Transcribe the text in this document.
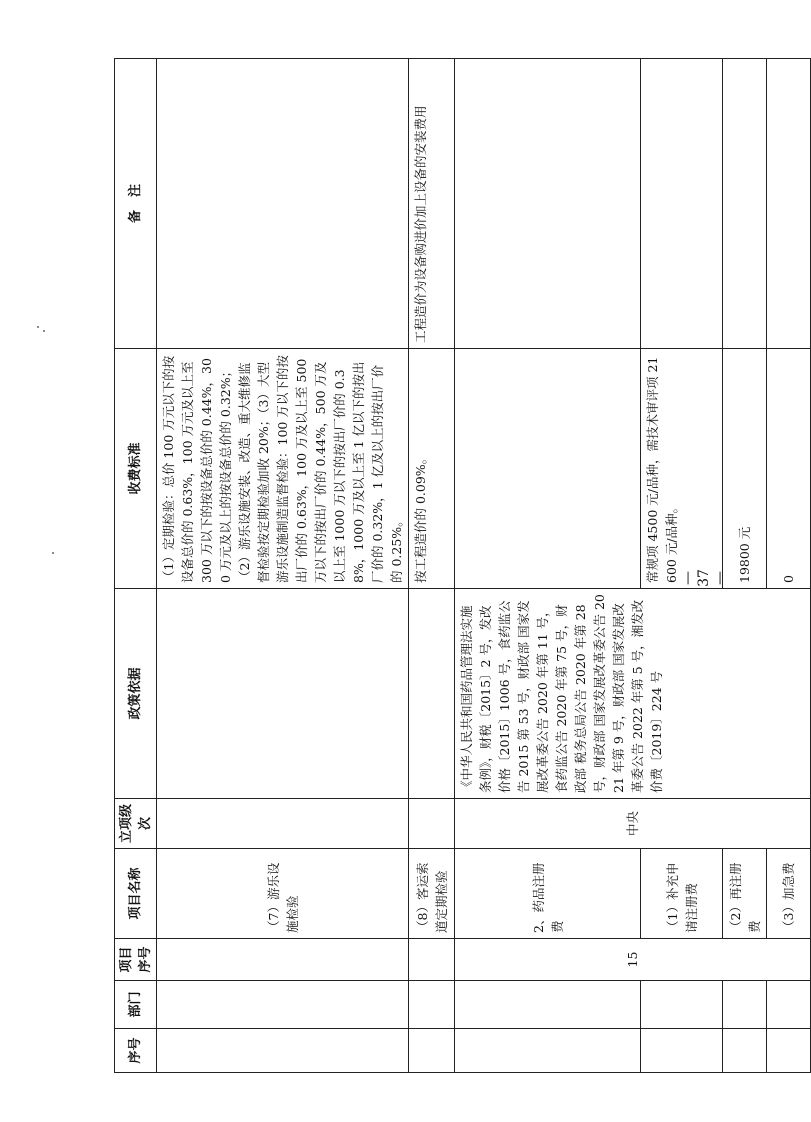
序号	部门	项目序号	项目名称	立项级次	政策依据	收费标准	备　注
			（7）游乐设施检验			（1）定期检验：总价 100 万元以下的按设备总价的 0.63%，100 万元及以上至 300 万以下的按设备总价的 0.44%，300 万元及以上的按设备总价的 0.32%；（2）游乐设施安装、改造、重大维修监督检验按定期检验加收 20%；（3）大型游乐设施制造监督检验：100 万以下的按出厂价的 0.63%，100 万及以上至 500 万以下的按出厂价的 0.44%，500 万及以上至 1000 万以下的按出厂价的 0.38%，1000 万及以上至 1 亿以下的按出厂价的 0.32%，1 亿及以上的按出厂价的 0.25%。	
			（8）客运索道定期检验			按工程造价的 0.09%。	工程造价为设备购进价加上设备的安装费用
		15	2、药品注册费	中央	《中华人民共和国药品管理法实施条例》，财税〔2015〕2 号，发改价格〔2015〕1006 号，食药监公告 2015 第 53 号，财政部 国家发展改革委公告 2020 年第 11 号，食药监公告 2020 年第 75 号，财政部 税务总局公告 2020 年第 28 号，财政部 国家发展改革委公告 2021 年第 9 号，财政部 国家发展改革委公告 2022 年第 5 号，湘发改价费〔2019〕224 号		
			（1）补充申请注册费			常规项 4500 元/品种，需技术审评项 21600 元/品种。	
			（2）再注册费			19800 元	
			（3）加急费			0	
— 37 —
